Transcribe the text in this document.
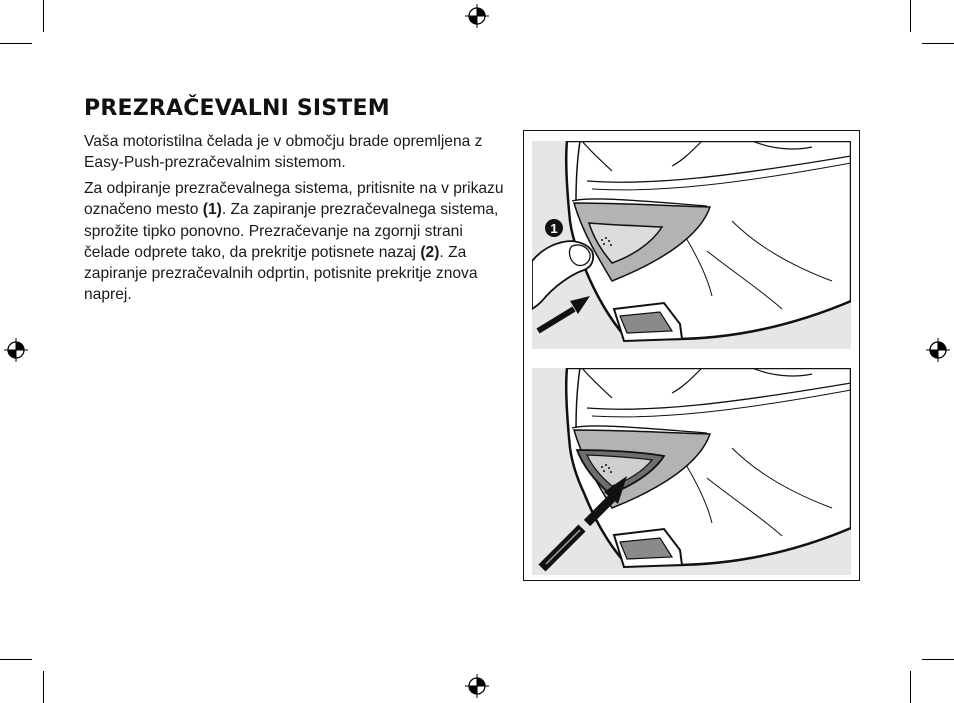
PREZRAČEVALNI SISTEM

Vaša motoristilna čelada je v območju brade opremljena z Easy-Push-prezračevalnim sistemom.

Za odpiranje prezračevalnega sistema, pritisnite na v prikazu označeno mesto (1). Za zapiranje prezračevalnega sistema, sprožite tipko ponovno. Prezračevanje na zgornji strani čelade odprete tako, da prekritje potisnete nazaj (2). Za zapiranje prezračevalnih odprtin, potisnite prekritje znova naprej.

1
